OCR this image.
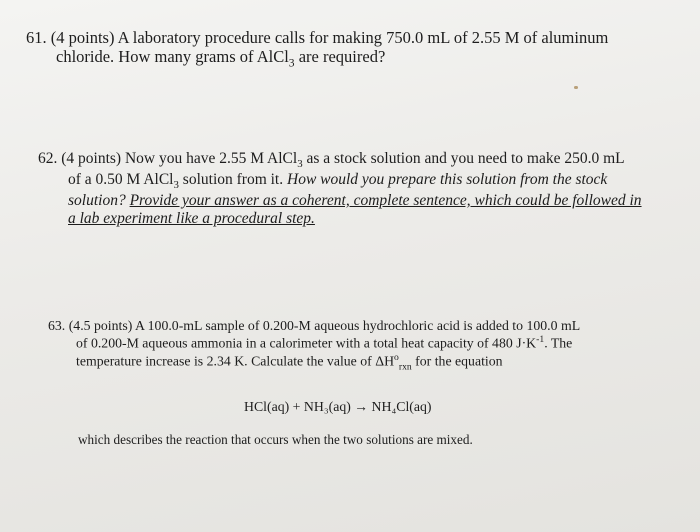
61. (4 points) A laboratory procedure calls for making 750.0 mL of 2.55 M of aluminum
chloride. How many grams of AlCl$_3$ are required?
62. (4 points) Now you have 2.55 M AlCl$_3$ as a stock solution and you need to make 250.0 mL
of a 0.50 M AlCl$_3$ solution from it. How would you prepare this solution from the stock
solution? Provide your answer as a coherent, complete sentence, which could be followed in
a lab experiment like a procedural step.
63. (4.5 points) A 100.0-mL sample of 0.200-M aqueous hydrochloric acid is added to 100.0 mL
of 0.200-M aqueous ammonia in a calorimeter with a total heat capacity of 480 $J\cdot K^{-1}$. The
temperature increase is 2.34 K. Calculate the value of $\Delta H^o_{rxn}$ for the equation
HCl(aq) + NH₃(aq) → NH₄Cl(aq)
which describes the reaction that occurs when the two solutions are mixed.
